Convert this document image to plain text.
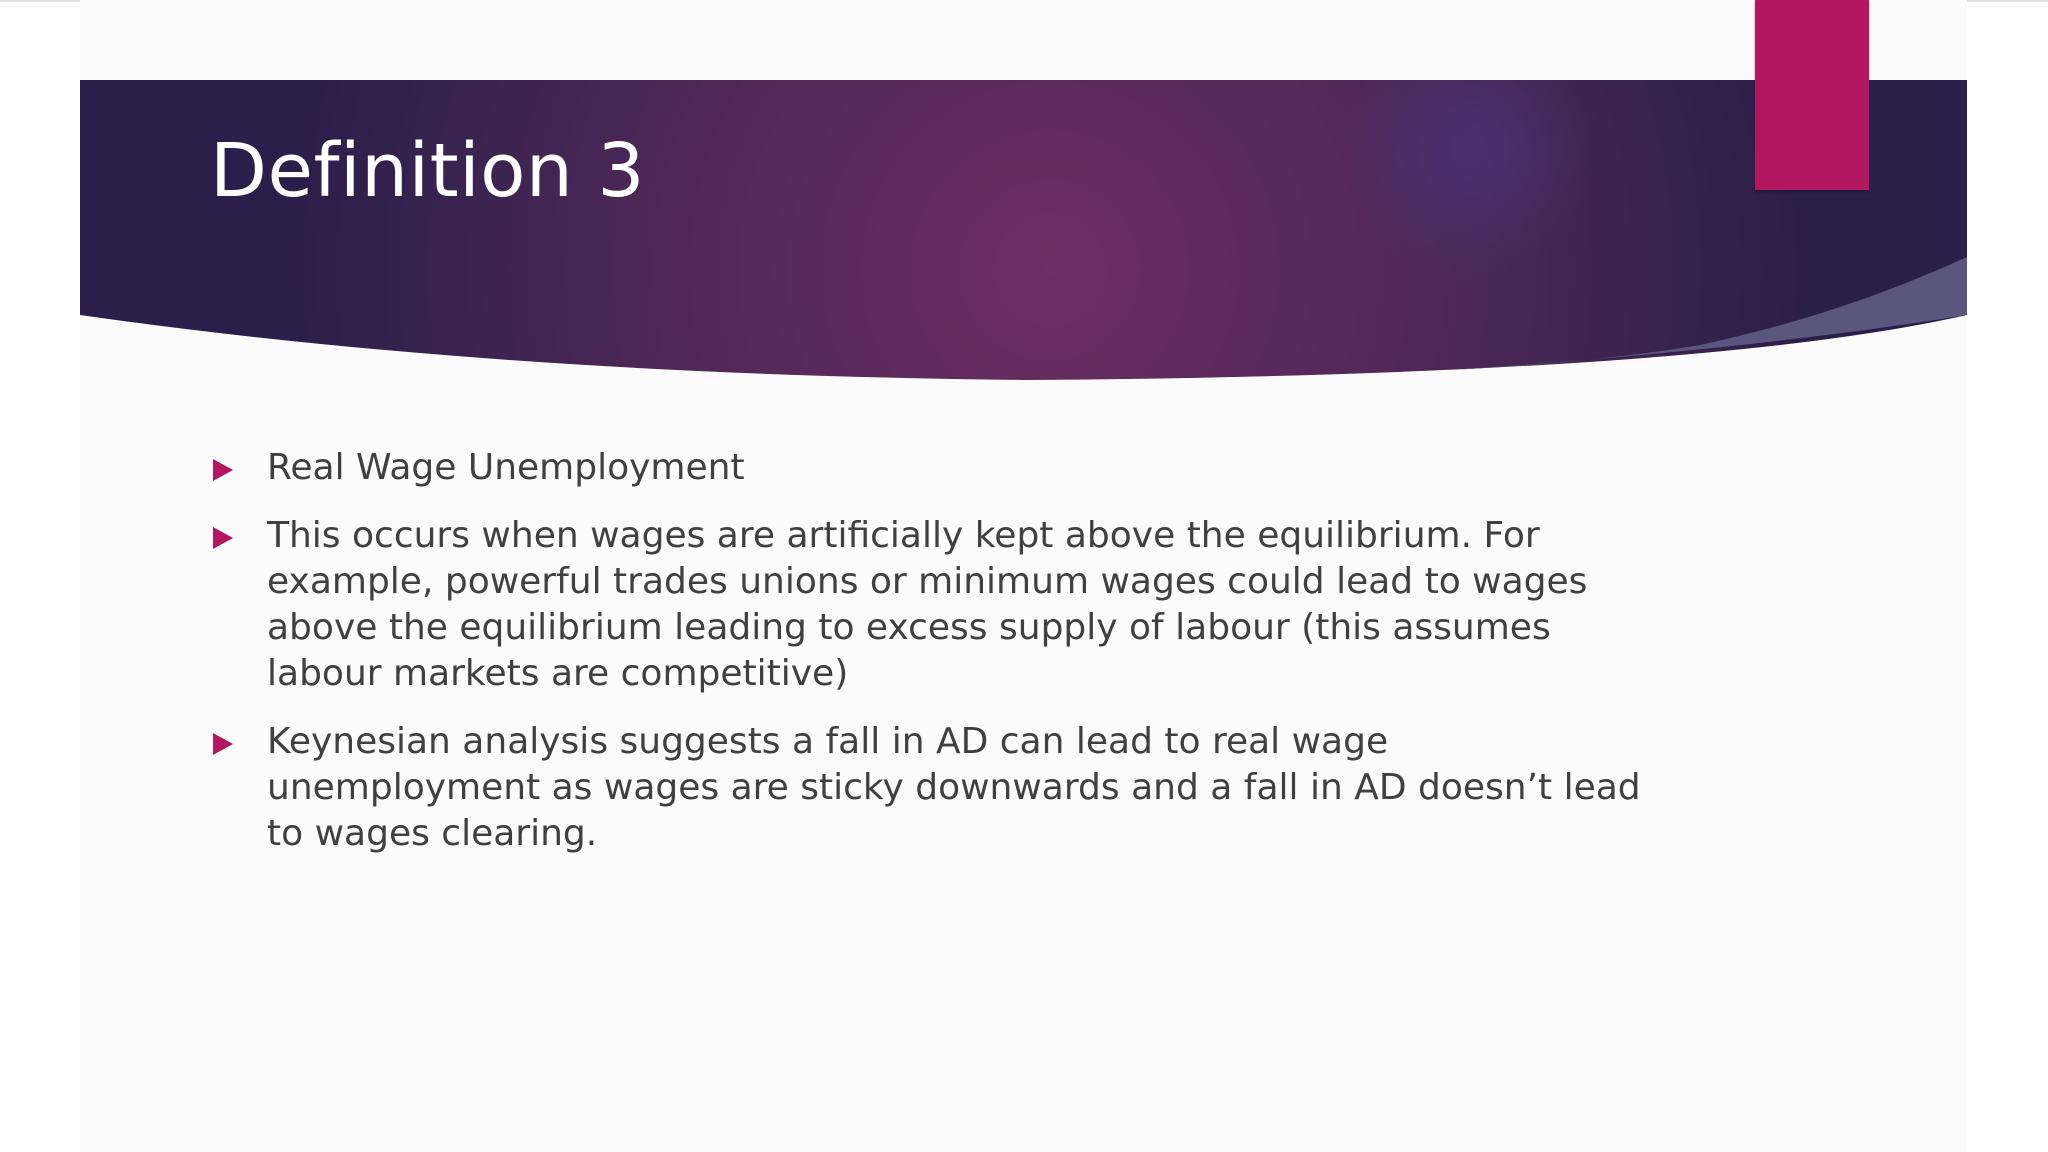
Definition 3
Real Wage Unemployment
This occurs when wages are artificially kept above the equilibrium. For example, powerful trades unions or minimum wages could lead to wages above the equilibrium leading to excess supply of labour (this assumes labour markets are competitive)
Keynesian analysis suggests a fall in AD can lead to real wage unemployment as wages are sticky downwards and a fall in AD doesn’t lead to wages clearing.
